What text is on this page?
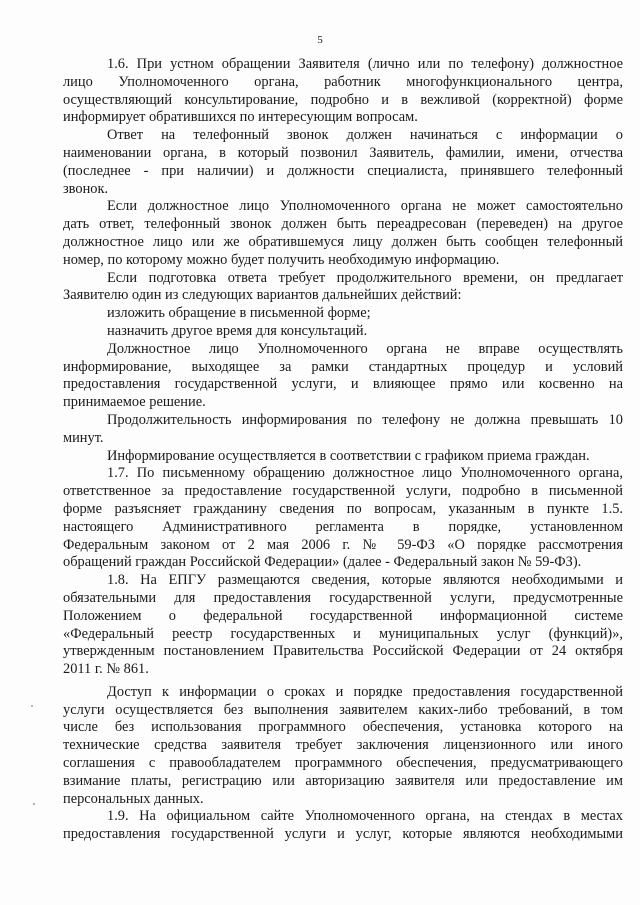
5
1.6. При устном обращении Заявителя (лично или по телефону) должностное
лицо Уполномоченного органа, работник многофункционального центра,
осуществляющий консультирование, подробно и в вежливой (корректной) форме
информирует обратившихся по интересующим вопросам.
Ответ на телефонный звонок должен начинаться с информации о
наименовании органа, в который позвонил Заявитель, фамилии, имени, отчества
(последнее - при наличии) и должности специалиста, принявшего телефонный
звонок.
Если должностное лицо Уполномоченного органа не может самостоятельно
дать ответ, телефонный звонок должен быть переадресован (переведен) на другое
должностное лицо или же обратившемуся лицу должен быть сообщен телефонный
номер, по которому можно будет получить необходимую информацию.
Если подготовка ответа требует продолжительного времени, он предлагает
Заявителю один из следующих вариантов дальнейших действий:
изложить обращение в письменной форме;
назначить другое время для консультаций.
Должностное лицо Уполномоченного органа не вправе осуществлять
информирование, выходящее за рамки стандартных процедур и условий
предоставления государственной услуги, и влияющее прямо или косвенно на
принимаемое решение.
Продолжительность информирования по телефону не должна превышать 10
минут.
Информирование осуществляется в соответствии с графиком приема граждан.
1.7. По письменному обращению должностное лицо Уполномоченного органа,
ответственное за предоставление государственной услуги, подробно в письменной
форме разъясняет гражданину сведения по вопросам, указанным в пункте 1.5.
настоящего Административного регламента в порядке, установленном
Федеральным законом от 2 мая 2006 г. № 59-ФЗ «О порядке рассмотрения
обращений граждан Российской Федерации» (далее - Федеральный закон № 59-ФЗ).
1.8. На ЕПГУ размещаются сведения, которые являются необходимыми и
обязательными для предоставления государственной услуги, предусмотренные
Положением о федеральной государственной информационной системе
«Федеральный реестр государственных и муниципальных услуг (функций)»,
утвержденным постановлением Правительства Российской Федерации от 24 октября
2011 г. № 861.
Доступ к информации о сроках и порядке предоставления государственной
услуги осуществляется без выполнения заявителем каких-либо требований, в том
числе без использования программного обеспечения, установка которого на
технические средства заявителя требует заключения лицензионного или иного
соглашения с правообладателем программного обеспечения, предусматривающего
взимание платы, регистрацию или авторизацию заявителя или предоставление им
персональных данных.
1.9. На официальном сайте Уполномоченного органа, на стендах в местах
предоставления государственной услуги и услуг, которые являются необходимыми
